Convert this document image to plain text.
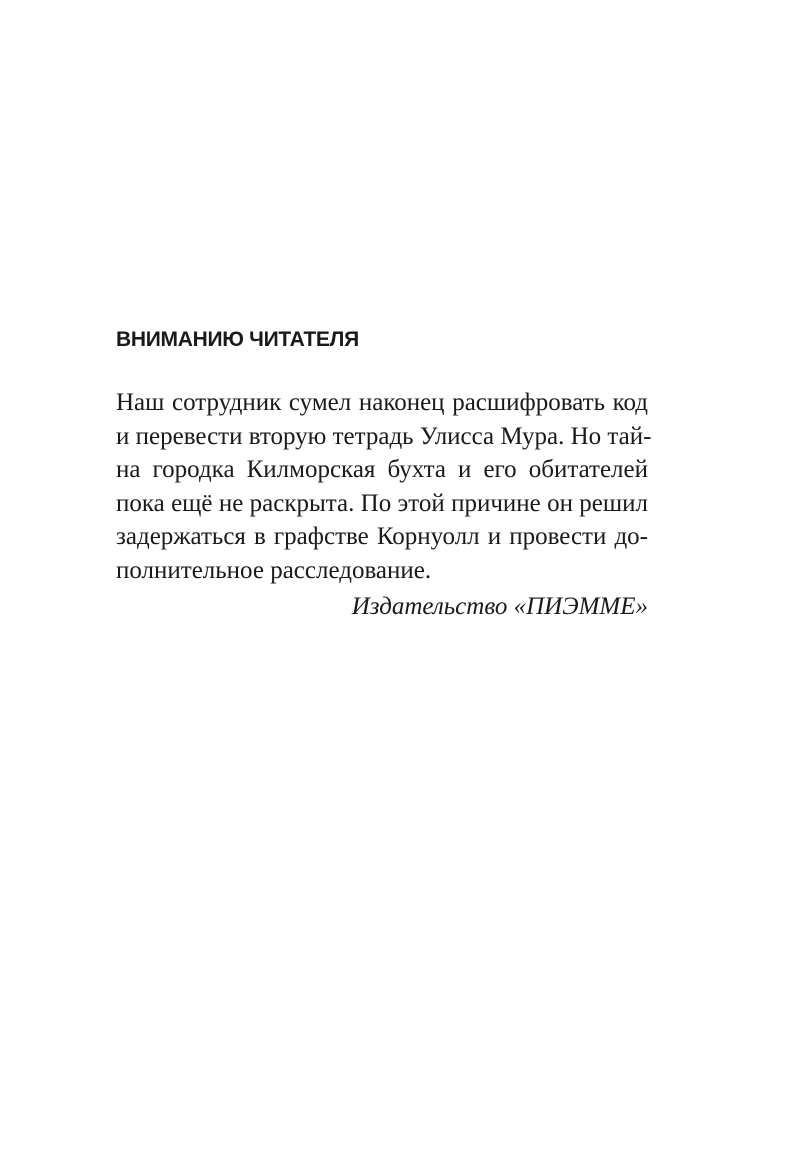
ВНИМАНИЮ ЧИТАТЕЛЯ
Наш сотрудник сумел наконец расшифровать код
и перевести вторую тетрадь Улисса Мура. Но тай-
на городка Килморская бухта и его обитателей
пока ещё не раскрыта. По этой причине он решил
задержаться в графстве Корнуолл и провести до-
полнительное расследование.
Издательство «ПИЭММЕ»
